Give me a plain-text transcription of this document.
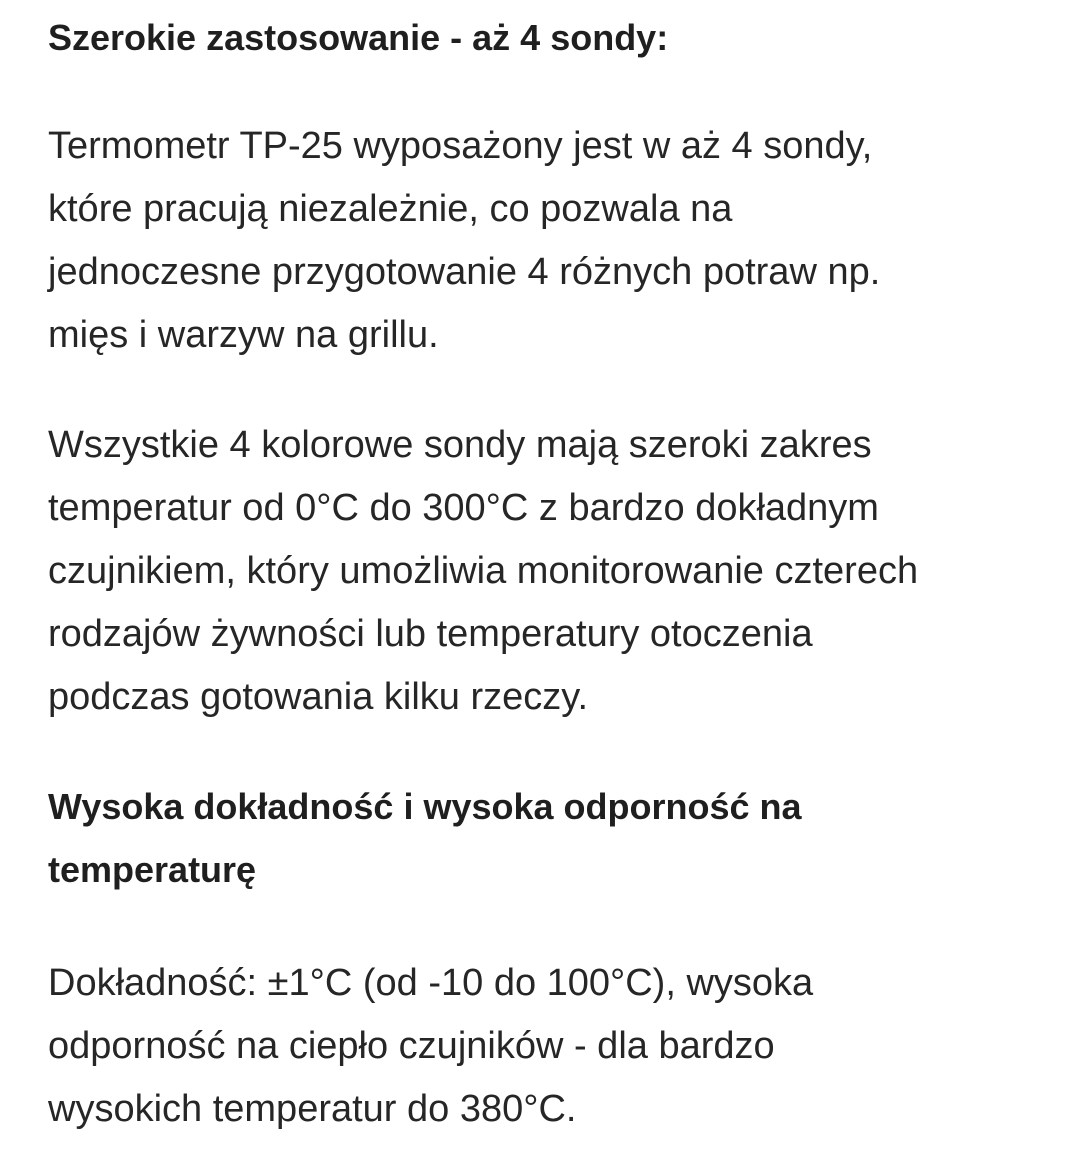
Szerokie zastosowanie - aż 4 sondy:

Termometr TP-25 wyposażony jest w aż 4 sondy,
które pracują niezależnie, co pozwala na
jednoczesne przygotowanie 4 różnych potraw np.
mięs i warzyw na grillu.

Wszystkie 4 kolorowe sondy mają szeroki zakres
temperatur od 0°C do 300°C z bardzo dokładnym
czujnikiem, który umożliwia monitorowanie czterech
rodzajów żywności lub temperatury otoczenia
podczas gotowania kilku rzeczy.

Wysoka dokładność i wysoka odporność na
temperaturę

Dokładność: ±1°C (od -10 do 100°C), wysoka
odporność na ciepło czujników - dla bardzo
wysokich temperatur do 380°C.
